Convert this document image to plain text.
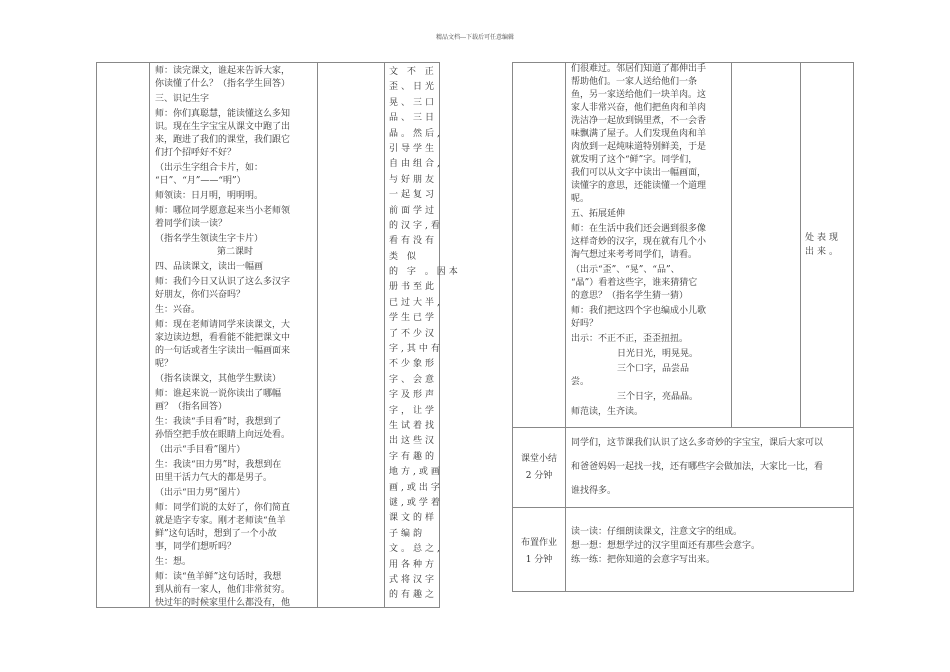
精品文档---下载后可任意编辑
师：读完课文，谁起来告诉大家，
你读懂了什么？（指名学生回答）
三、识记生字
师：你们真聪慧，能读懂这么多知
识。现在生字宝宝从课文中跑了出
来，跑进了我们的课堂，我们跟它
们打个招呼好不好？
（出示生字组合卡片，如：
“日”、“月”——“明”）
师领读：日月明，明明明。
师：哪位同学愿意起来当小老师领
着同学们读一读？
（指名学生领读生字卡片）
第二课时
四、品读课文，读出一幅画
师：我们今日又认识了这么多汉字
好朋友，你们兴奋吗？
生：兴奋。
师：现在老师请同学来读课文，大
家边读边想，看看能不能把课文中
的一句话或者生字读出一幅画面来
呢？
（指名读课文，其他学生默读）
师：谁起来说一说你读出了哪幅
画？（指名回答）
生：我读“手目看”时，我想到了
孙悟空把手放在眼睛上向远处看。
（出示“手目看”图片）
生：我读“田力男”时，我想到在
田里干活力气大的都是男子。
（出示“田力男”图片）
师：同学们说的太好了，你们简直
就是造字专家。刚才老师读“鱼羊
鲜”这句话时，想到了一个小故
事，同学们想听吗？
生：想。
师：读“鱼羊鲜”这句话时，我想
到从前有一家人，他们非常贫穷。
快过年的时候家里什么都没有，他
文 不 正
歪、日光
晃、三口
品、三日
晶。然后,
引导学生
自由组合,
与好朋友
一起复习
前面学过
的汉字,看
看有没有
类 似
的 字 。因本
册书至此
已过大半,
学生已学
了不少汉
字,其中有
不少象形
字、会意
字及形声
字，让学
生试着找
出这些汉
字有趣的
地方,或画
画,或出字
谜,或学着
课文的样
子编韵
文。总之,
用各种方
式将汉字
的有趣之
们很难过。邻居们知道了都伸出手
帮助他们。一家人送给他们一条
鱼，另一家送给他们一块羊肉。这
家人非常兴奋，他们把鱼肉和羊肉
洗洁净一起放到锅里煮，不一会香
味飘满了屋子。人们发现鱼肉和羊
肉放到一起炖味道特别鲜美，于是
就发明了这个“鲜”字。同学们，
我们可以从文字中读出一幅画面，
读懂字的意思，还能读懂一个道理
呢。
五、拓展延伸
师：在生活中我们还会遇到很多像
这样奇妙的汉字，现在就有几个小
淘气想过来考考同学们，请看。
（出示“歪”、“晃”、“品”、
“晶”）看着这些字，谁来猜猜它
的意思？（指名学生猜一猜）
师：我们把这四个字也编成小儿歌
好吗？
出示：不正不正，歪歪扭扭。
日光日光，明晃晃。
三个口字，品尝品
尝。
三个日字，亮晶晶。
师范读，生齐读。
处表现出来。
课堂小结
2 分钟
同学们，这节课我们认识了这么多奇妙的字宝宝，课后大家可以
和爸爸妈妈一起找一找，还有哪些字会做加法，大家比一比，看
谁找得多。
布置作业
1 分钟
读一读：仔细朗读课文，注意文字的组成。
想一想：想想学过的汉字里面还有那些会意字。
练一练：把你知道的会意字写出来。
